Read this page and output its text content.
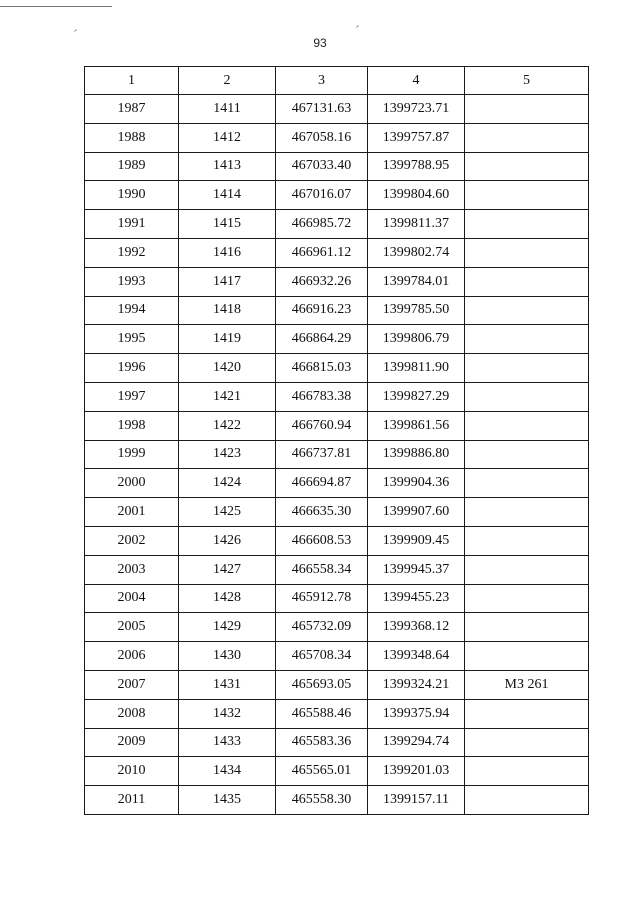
93
1	2	3	4	5
1987	1411	467131.63	1399723.71	
1988	1412	467058.16	1399757.87	
1989	1413	467033.40	1399788.95	
1990	1414	467016.07	1399804.60	
1991	1415	466985.72	1399811.37	
1992	1416	466961.12	1399802.74	
1993	1417	466932.26	1399784.01	
1994	1418	466916.23	1399785.50	
1995	1419	466864.29	1399806.79	
1996	1420	466815.03	1399811.90	
1997	1421	466783.38	1399827.29	
1998	1422	466760.94	1399861.56	
1999	1423	466737.81	1399886.80	
2000	1424	466694.87	1399904.36	
2001	1425	466635.30	1399907.60	
2002	1426	466608.53	1399909.45	
2003	1427	466558.34	1399945.37	
2004	1428	465912.78	1399455.23	
2005	1429	465732.09	1399368.12	
2006	1430	465708.34	1399348.64	
2007	1431	465693.05	1399324.21	МЗ 261
2008	1432	465588.46	1399375.94	
2009	1433	465583.36	1399294.74	
2010	1434	465565.01	1399201.03	
2011	1435	465558.30	1399157.11	
